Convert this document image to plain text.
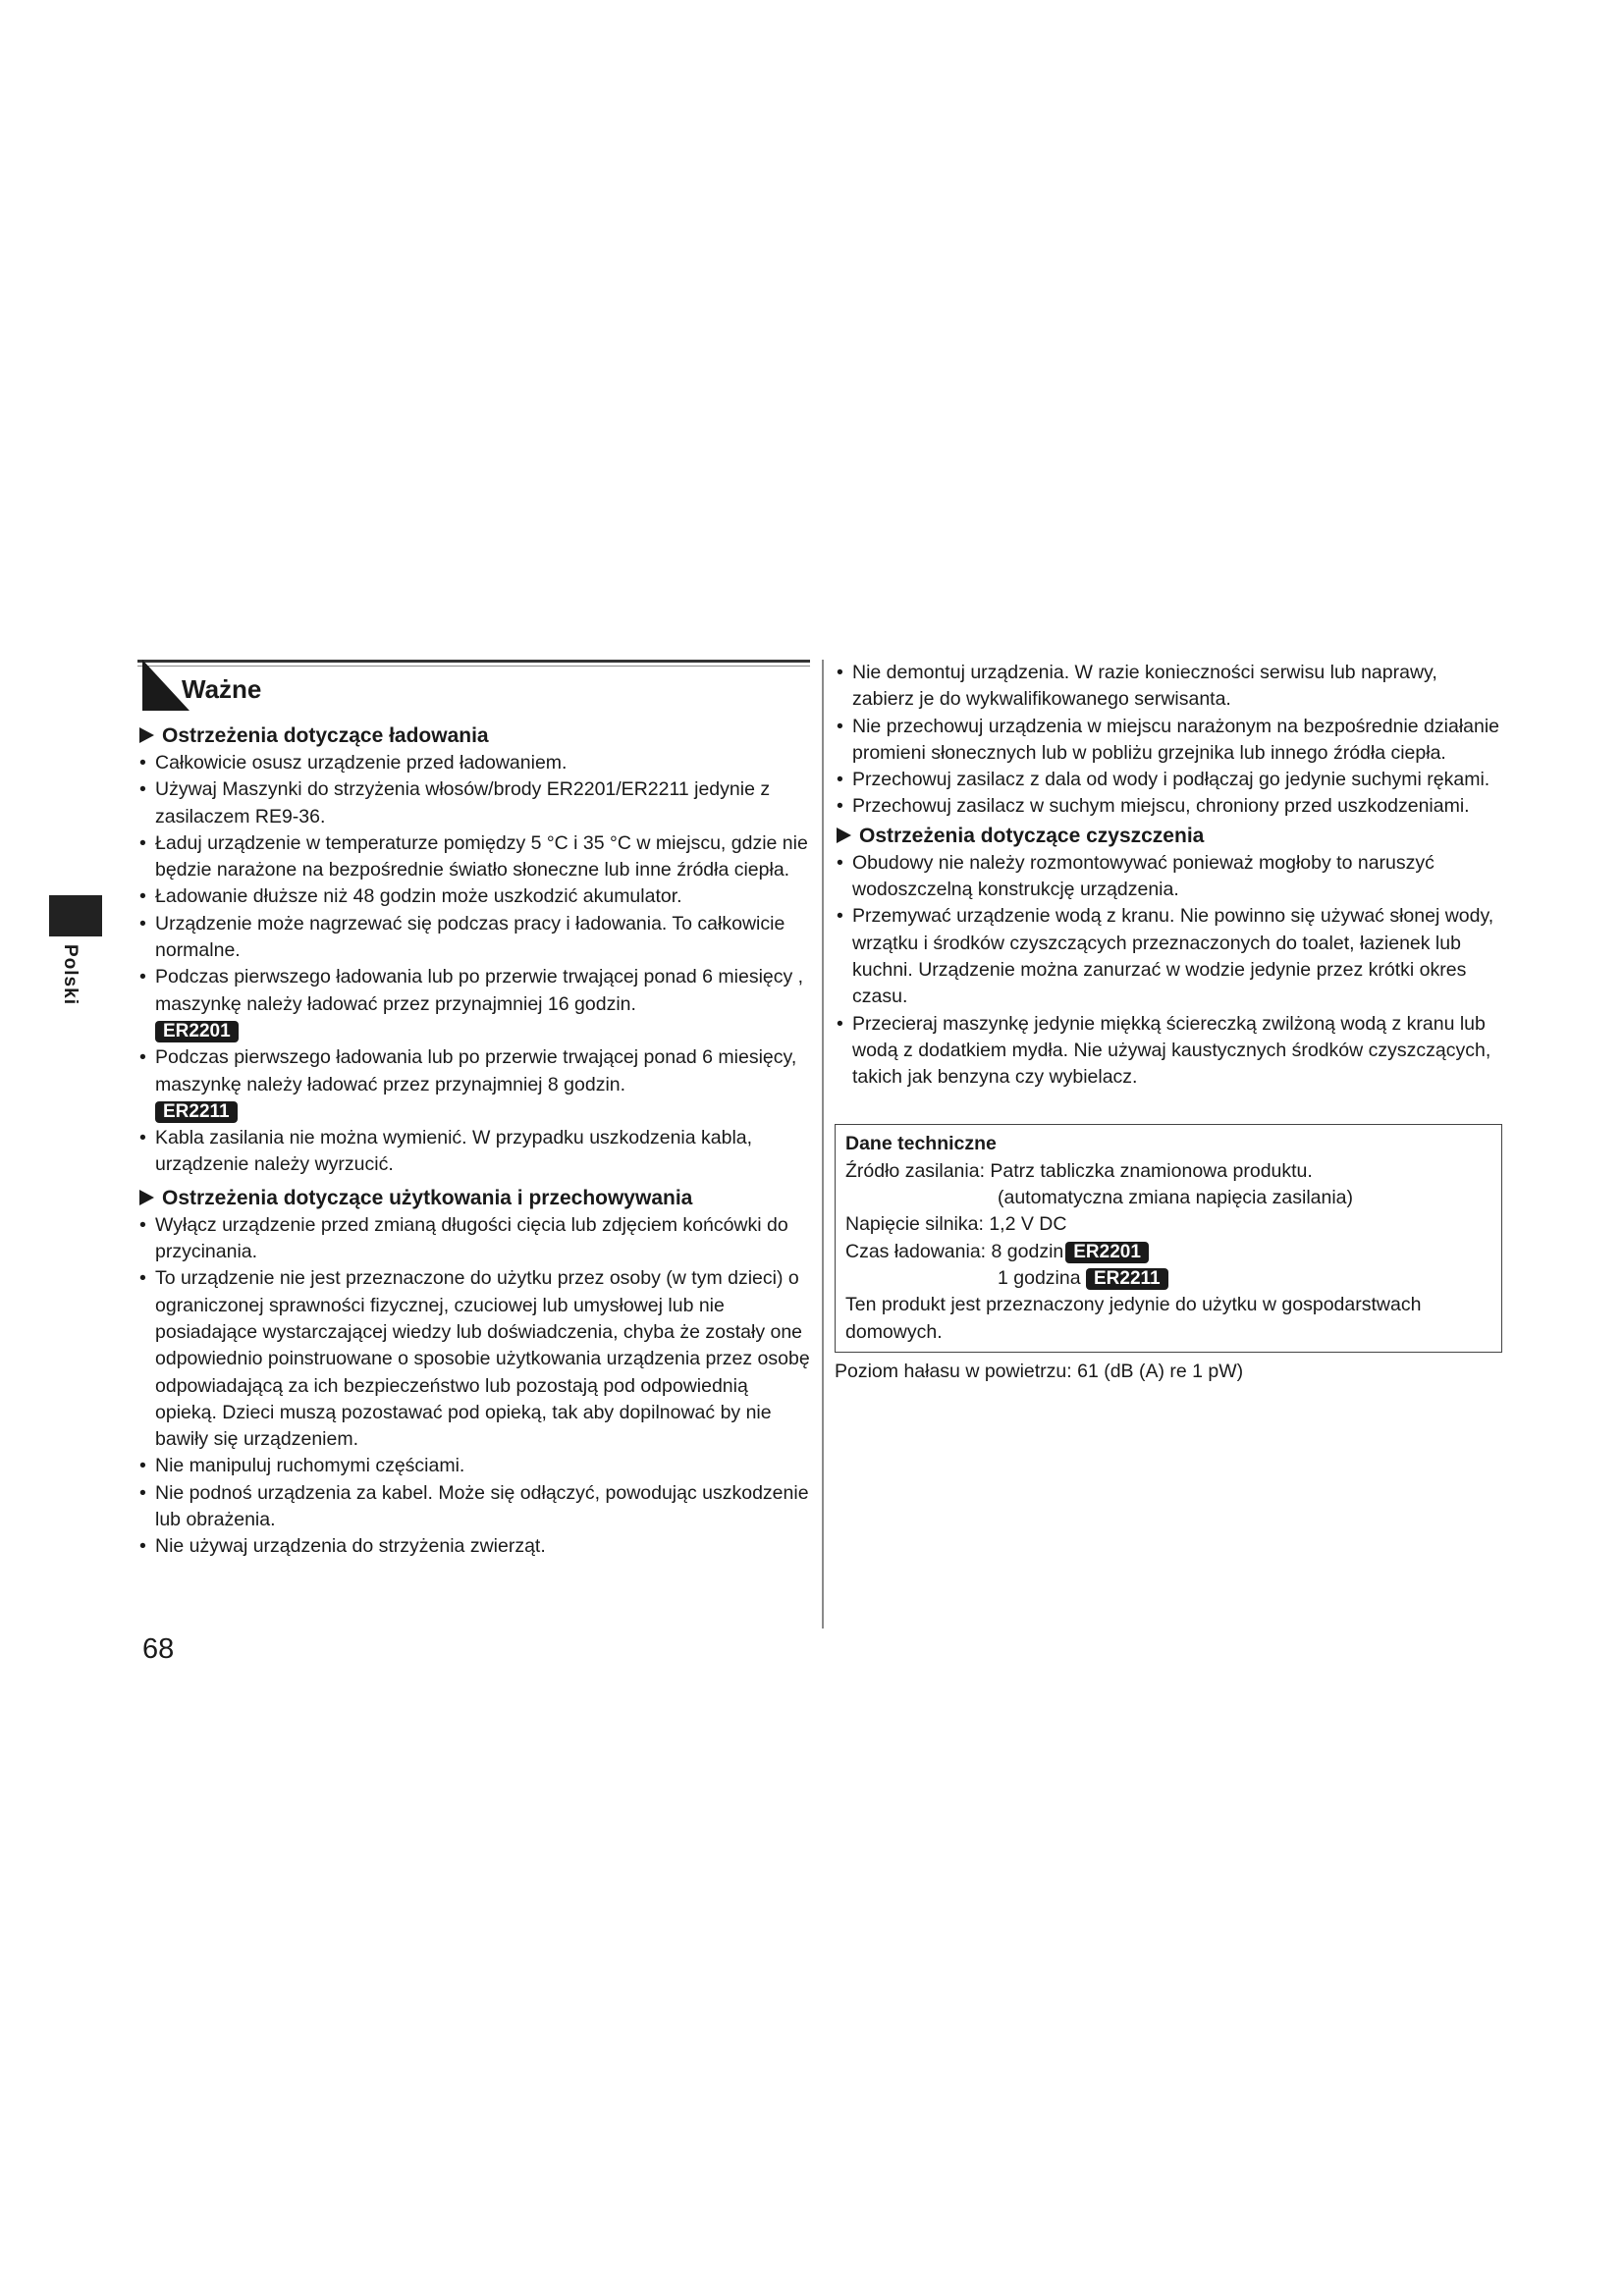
Polski
Ważne
Ostrzeżenia dotyczące ładowania
• Całkowicie osusz urządzenie przed ładowaniem.
• Używaj Maszynki do strzyżenia włosów/brody ER2201/ER2211 jedynie z zasilaczem RE9-36.
• Ładuj urządzenie w temperaturze pomiędzy 5 °C i 35 °C w miejscu, gdzie nie będzie narażone na bezpośrednie światło słoneczne lub inne źródła ciepła.
• Ładowanie dłuższe niż 48 godzin może uszkodzić akumulator.
• Urządzenie może nagrzewać się podczas pracy i ładowania. To całkowicie normalne.
• Podczas pierwszego ładowania lub po przerwie trwającej ponad 6 miesięcy , maszynkę należy ładować przez przynajmniej 16 godzin.
ER2201
• Podczas pierwszego ładowania lub po przerwie trwającej ponad 6 miesięcy, maszynkę należy ładować przez przynajmniej 8 godzin.
ER2211
• Kabla zasilania nie można wymienić. W przypadku uszkodzenia kabla, urządzenie należy wyrzucić.
Ostrzeżenia dotyczące użytkowania i przechowywania
• Wyłącz urządzenie przed zmianą długości cięcia lub zdjęciem końcówki do przycinania.
• To urządzenie nie jest przeznaczone do użytku przez osoby (w tym dzieci) o ograniczonej sprawności fizycznej, czuciowej lub umysłowej lub nie posiadające wystarczającej wiedzy lub doświadczenia, chyba że zostały one odpowiednio poinstruowane o sposobie użytkowania urządzenia przez osobę odpowiadającą za ich bezpieczeństwo lub pozostają pod odpowiednią opieką. Dzieci muszą pozostawać pod opieką, tak aby dopilnować by nie bawiły się urządzeniem.
• Nie manipuluj ruchomymi częściami.
• Nie podnoś urządzenia za kabel. Może się odłączyć, powodując uszkodzenie lub obrażenia.
• Nie używaj urządzenia do strzyżenia zwierząt.
• Nie demontuj urządzenia. W razie konieczności serwisu lub naprawy, zabierz je do wykwalifikowanego serwisanta.
• Nie przechowuj urządzenia w miejscu narażonym na bezpośrednie działanie promieni słonecznych lub w pobliżu grzejnika lub innego źródła ciepła.
• Przechowuj zasilacz z dala od wody i podłączaj go jedynie suchymi rękami.
• Przechowuj zasilacz w suchym miejscu, chroniony przed uszkodzeniami.
Ostrzeżenia dotyczące czyszczenia
• Obudowy nie należy rozmontowywać ponieważ mogłoby to naruszyć wodoszczelną konstrukcję urządzenia.
• Przemywać urządzenie wodą z kranu. Nie powinno się używać słonej wody, wrzątku i środków czyszczących przeznaczonych do toalet, łazienek lub kuchni. Urządzenie można zanurzać w wodzie jedynie przez krótki okres czasu.
• Przecieraj maszynkę jedynie miękką ściereczką zwilżoną wodą z kranu lub wodą z dodatkiem mydła. Nie używaj kaustycznych środków czyszczących, takich jak benzyna czy wybielacz.
Dane techniczne
Źródło zasilania: Patrz tabliczka znamionowa produktu.
(automatyczna zmiana napięcia zasilania)
Napięcie silnika: 1,2 V DC
Czas ładowania: 8 godzin ER2201
1 godzina ER2211
Ten produkt jest przeznaczony jedynie do użytku w gospodarstwach domowych.
Poziom hałasu w powietrzu: 61 (dB (A) re 1 pW)
68
